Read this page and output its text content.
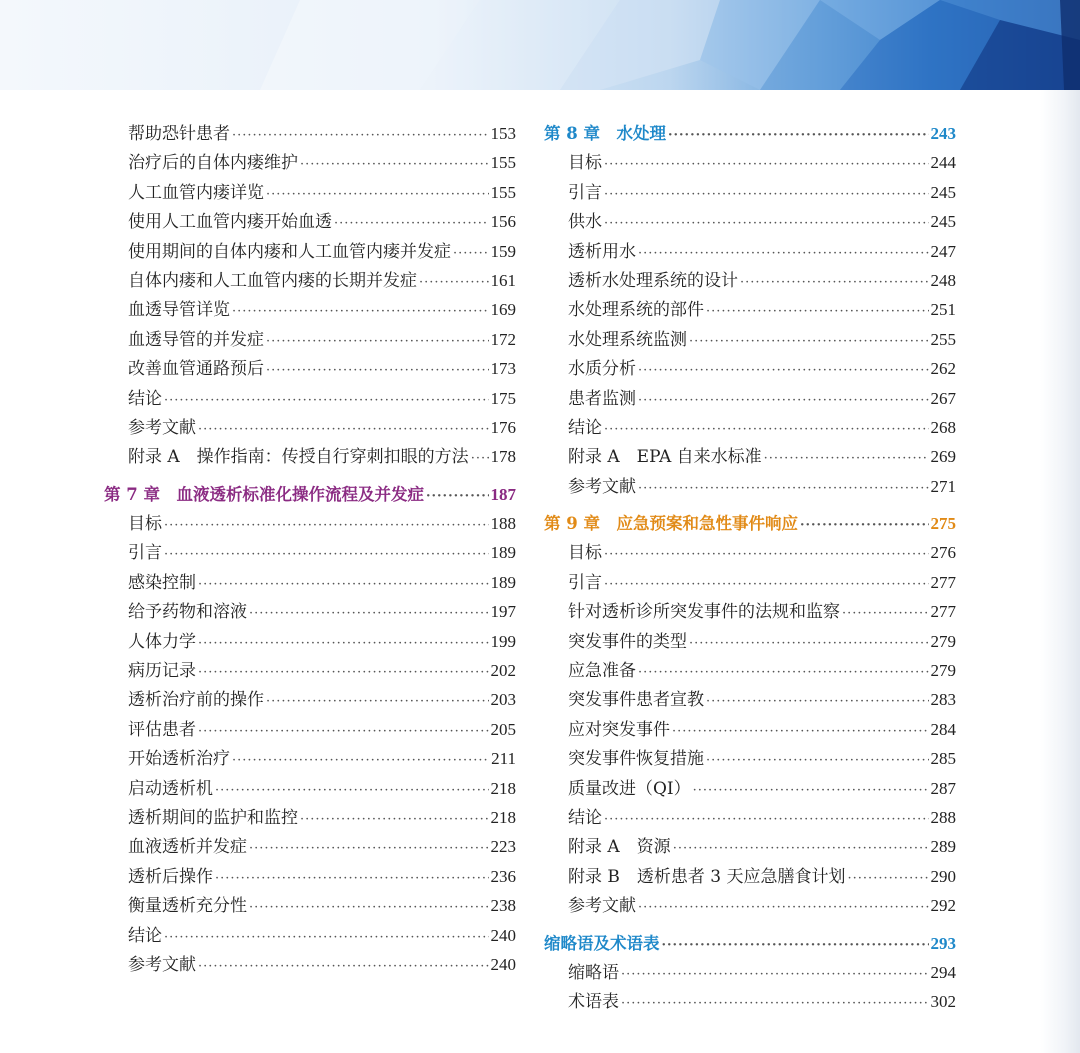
帮助恐针患者 ·····	153
治疗后的自体内瘘维护 ·····	155
人工血管内瘘详览 ·····	155
使用人工血管内瘘开始血透 ·····	156
使用期间的自体内瘘和人工血管内瘘并发症 ····· 159
自体内瘘和人工血管内瘘的长期并发症 ·····	161
血透导管详览 ·····	169
血透导管的并发症 ·····	172
改善血管通路预后 ·····	173
结论 ·····	175
参考文献 ·····	176
附录 A　操作指南：传授自行穿刺扣眼的方法 ····· 178
第 7 章　血液透析标准化操作流程及并发症 ·····	187
目标 ·····	188
引言 ·····	189
感染控制 ·····	189
给予药物和溶液 ·····	197
人体力学 ·····	199
病历记录 ·····	202
透析治疗前的操作 ·····	203
评估患者 ·····	205
开始透析治疗 ·····	211
启动透析机 ·····	218
透析期间的监护和监控 ·····	218
血液透析并发症 ·····	223
透析后操作 ·····	236
衡量透析充分性 ·····	238
结论 ·····	240
参考文献 ·····	240
第 8 章　水处理 ·····	243
目标 ·····	244
引言 ·····	245
供水 ·····	245
透析用水 ·····	247
透析水处理系统的设计 ·····	248
水处理系统的部件 ·····	251
水处理系统监测 ·····	255
水质分析 ·····	262
患者监测 ·····	267
结论 ·····	268
附录 A　EPA 自来水标准 ·····	269
参考文献 ·····	271
第 9 章　应急预案和急性事件响应 ·····	275
目标 ·····	276
引言 ·····	277
针对透析诊所突发事件的法规和监察 ·····	277
突发事件的类型 ·····	279
应急准备 ·····	279
突发事件患者宣教 ·····	283
应对突发事件 ·····	284
突发事件恢复措施 ·····	285
质量改进（QI） ·····	287
结论 ·····	288
附录 A　资源 ·····	289
附录 B　透析患者 3 天应急膳食计划 ·····	290
参考文献 ·····	292
缩略语及术语表 ·····	293
缩略语 ·····	294
术语表 ·····	302
